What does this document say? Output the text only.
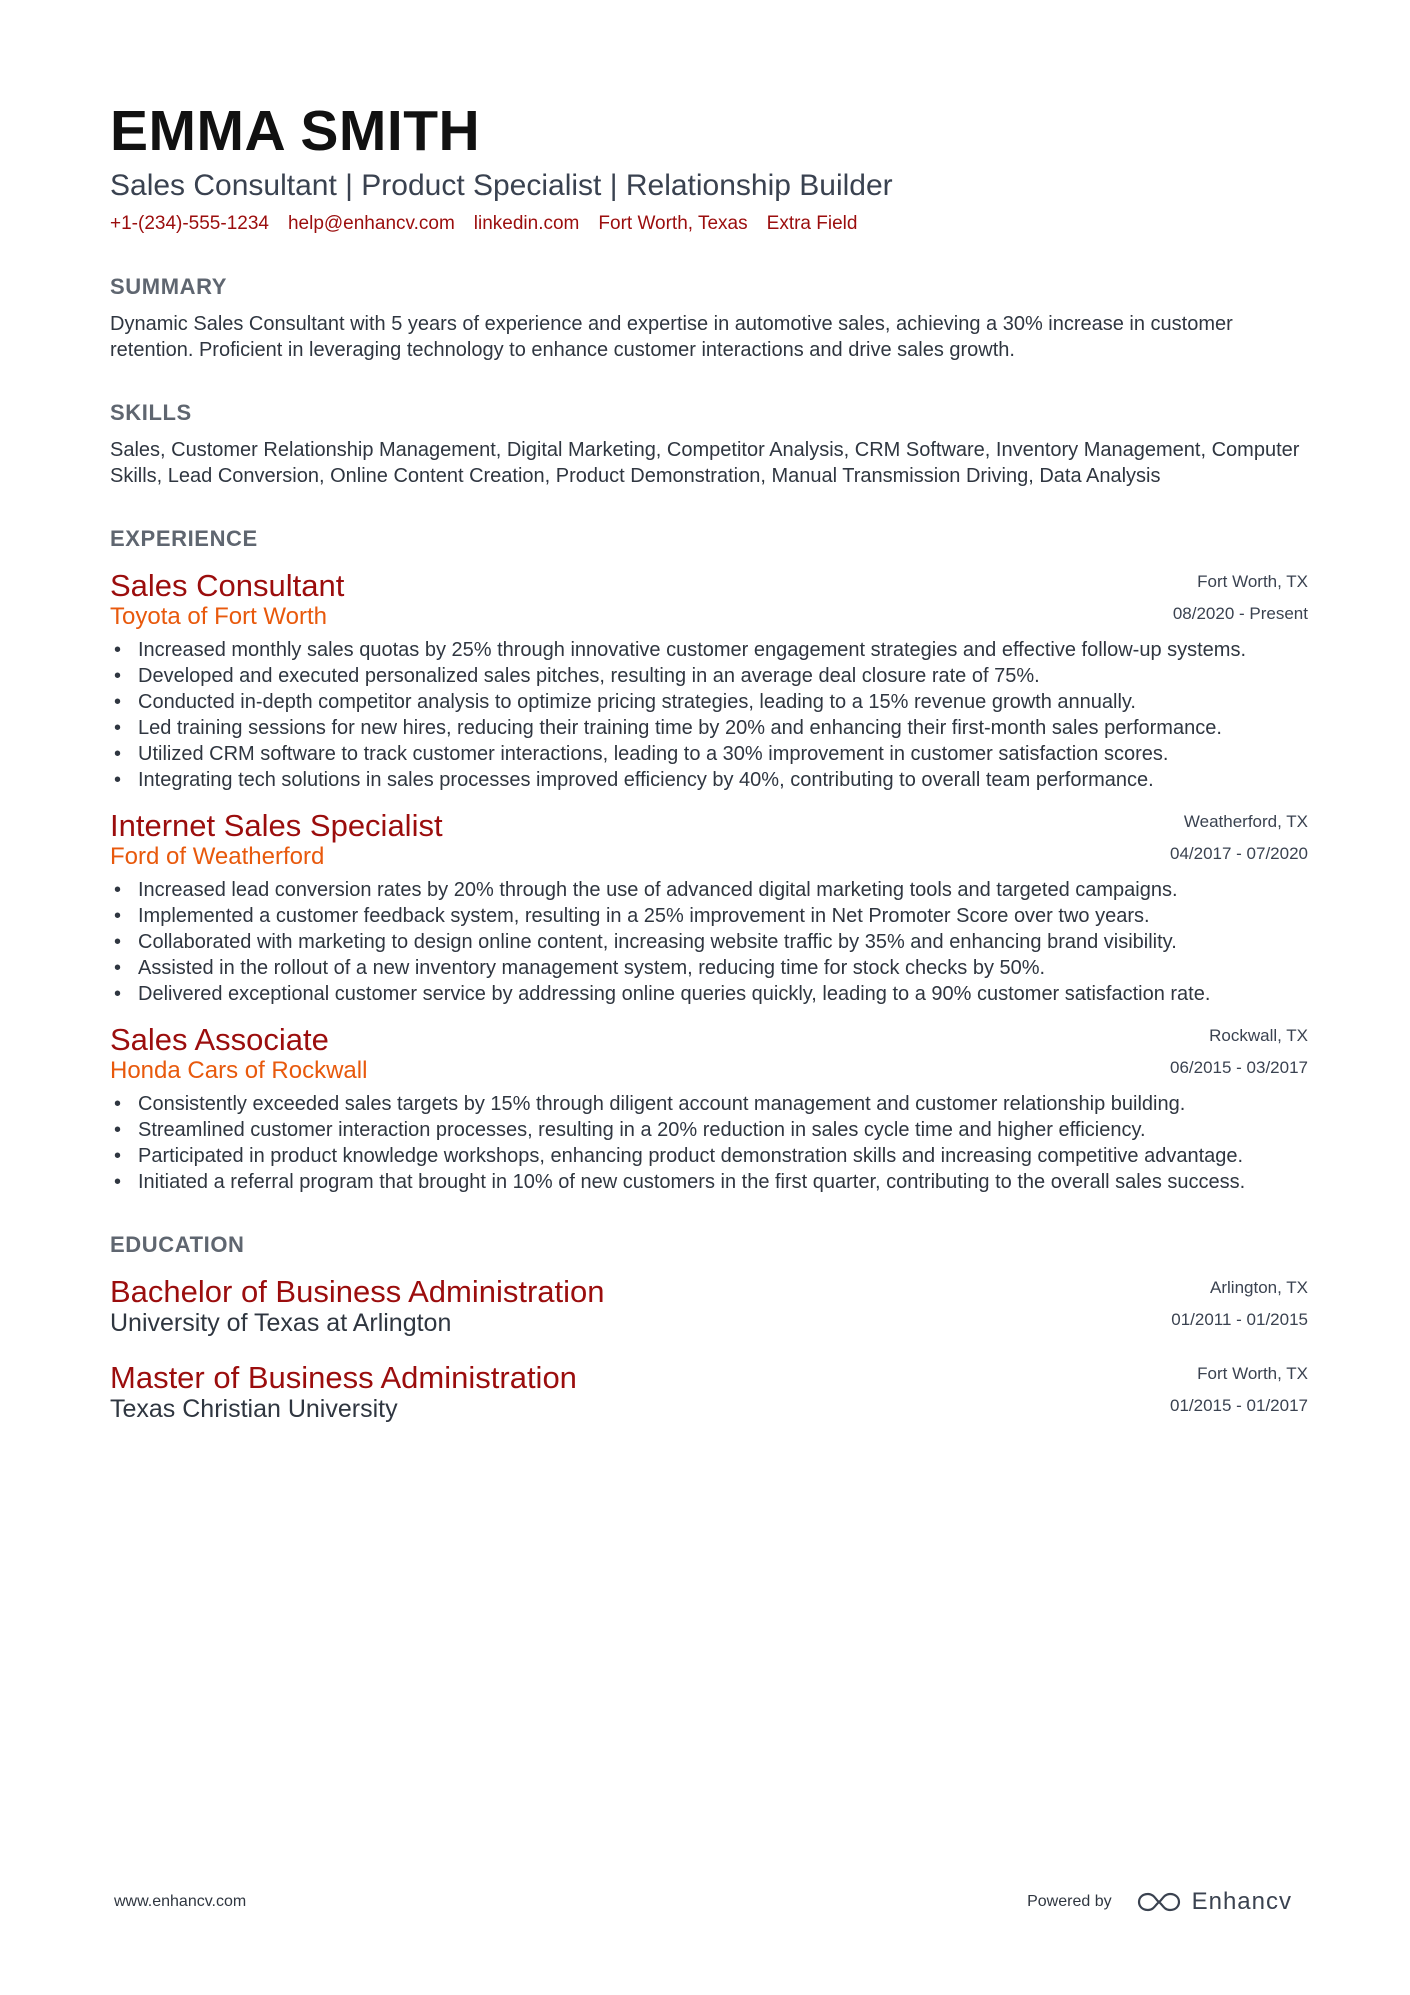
EMMA SMITH
Sales Consultant | Product Specialist | Relationship Builder
+1-(234)-555-1234 help@enhancv.com linkedin.com Fort Worth, Texas Extra Field
SUMMARY
Dynamic Sales Consultant with 5 years of experience and expertise in automotive sales, achieving a 30% increase in customer retention. Proficient in leveraging technology to enhance customer interactions and drive sales growth.
SKILLS
Sales, Customer Relationship Management, Digital Marketing, Competitor Analysis, CRM Software, Inventory Management, Computer Skills, Lead Conversion, Online Content Creation, Product Demonstration, Manual Transmission Driving, Data Analysis
EXPERIENCE
Sales Consultant	Fort Worth, TX
Toyota of Fort Worth	08/2020 - Present
• Increased monthly sales quotas by 25% through innovative customer engagement strategies and effective follow-up systems.
• Developed and executed personalized sales pitches, resulting in an average deal closure rate of 75%.
• Conducted in-depth competitor analysis to optimize pricing strategies, leading to a 15% revenue growth annually.
• Led training sessions for new hires, reducing their training time by 20% and enhancing their first-month sales performance.
• Utilized CRM software to track customer interactions, leading to a 30% improvement in customer satisfaction scores.
• Integrating tech solutions in sales processes improved efficiency by 40%, contributing to overall team performance.
Internet Sales Specialist	Weatherford, TX
Ford of Weatherford	04/2017 - 07/2020
• Increased lead conversion rates by 20% through the use of advanced digital marketing tools and targeted campaigns.
• Implemented a customer feedback system, resulting in a 25% improvement in Net Promoter Score over two years.
• Collaborated with marketing to design online content, increasing website traffic by 35% and enhancing brand visibility.
• Assisted in the rollout of a new inventory management system, reducing time for stock checks by 50%.
• Delivered exceptional customer service by addressing online queries quickly, leading to a 90% customer satisfaction rate.
Sales Associate	Rockwall, TX
Honda Cars of Rockwall	06/2015 - 03/2017
• Consistently exceeded sales targets by 15% through diligent account management and customer relationship building.
• Streamlined customer interaction processes, resulting in a 20% reduction in sales cycle time and higher efficiency.
• Participated in product knowledge workshops, enhancing product demonstration skills and increasing competitive advantage.
• Initiated a referral program that brought in 10% of new customers in the first quarter, contributing to the overall sales success.
EDUCATION
Bachelor of Business Administration	Arlington, TX
University of Texas at Arlington	01/2011 - 01/2015
Master of Business Administration	Fort Worth, TX
Texas Christian University	01/2015 - 01/2017
www.enhancv.com	Powered by	Enhancv
